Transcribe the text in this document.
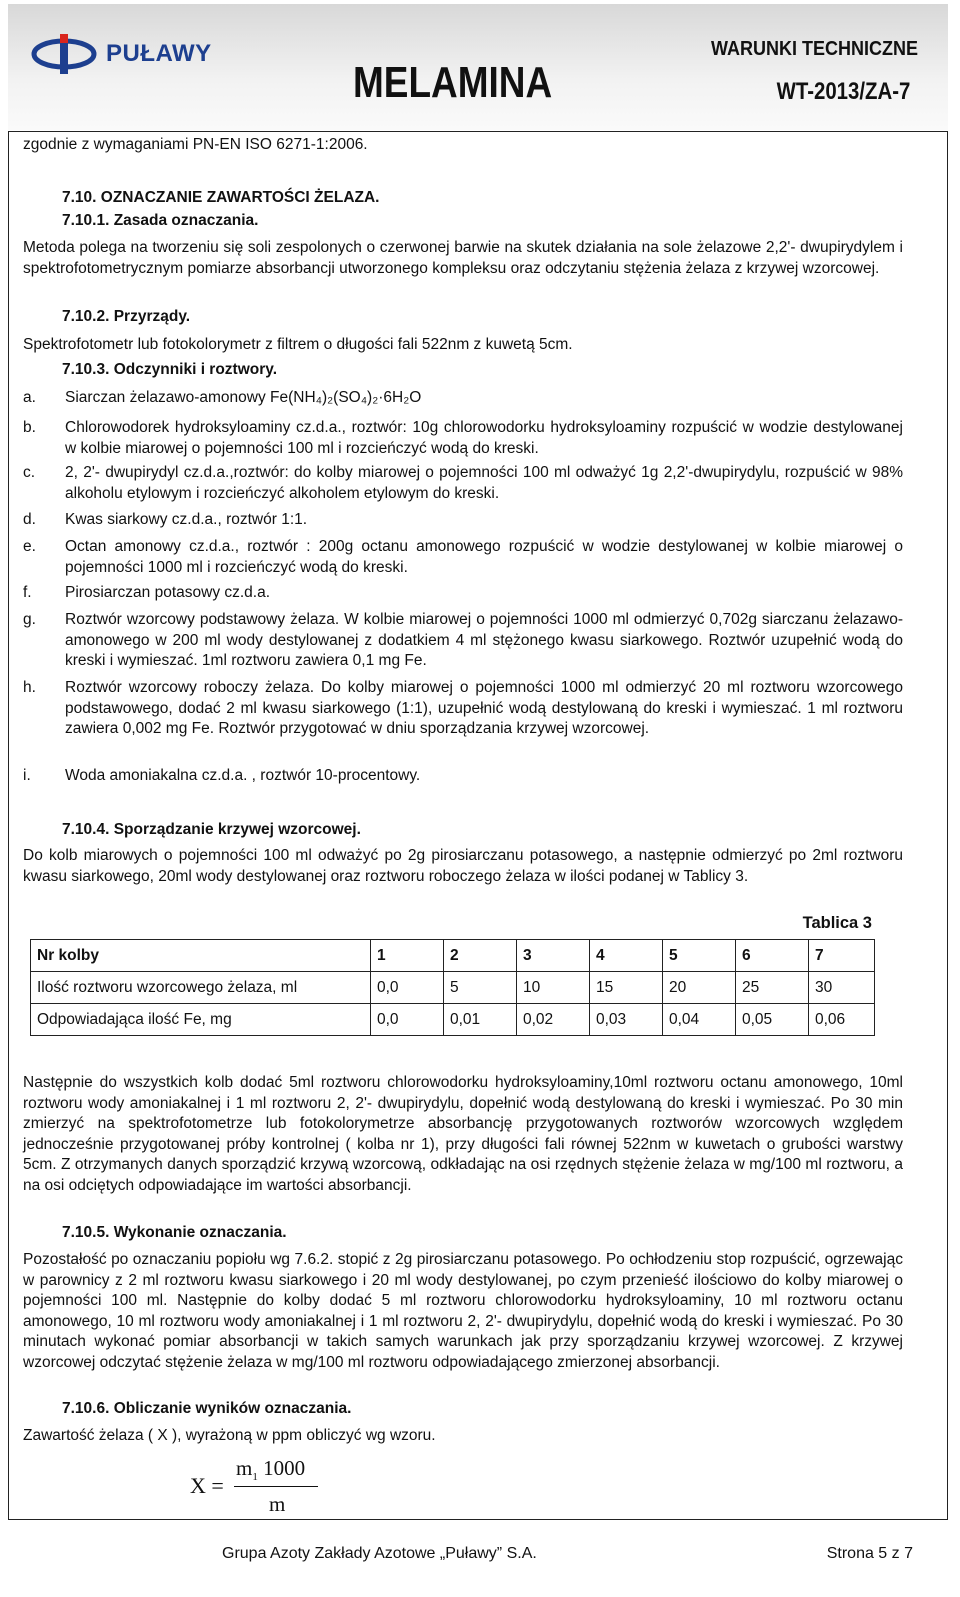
PUŁAWY
MELAMINA
WARUNKI TECHNICZNE
WT-2013/ZA-7
zgodnie z wymaganiami PN-EN ISO 6271-1:2006.
7.10. OZNACZANIE ZAWARTOŚCI ŻELAZA.
7.10.1. Zasada oznaczania.
Metoda polega na tworzeniu się soli zespolonych o czerwonej barwie na skutek działania na sole żelazowe 2,2'- dwupirydylem i spektrofotometrycznym pomiarze absorbancji utworzonego kompleksu oraz odczytaniu stężenia żelaza z krzywej wzorcowej.
7.10.2. Przyrządy.
Spektrofotometr lub fotokolorymetr z filtrem o długości fali 522nm z kuwetą 5cm.
7.10.3. Odczynniki i roztwory.
a. Siarczan żelazawo-amonowy Fe(NH₄)₂(SO₄)₂·6H₂O
b. Chlorowodorek hydroksyloaminy cz.d.a., roztwór: 10g chlorowodorku hydroksyloaminy rozpuścić w wodzie destylowanej w kolbie miarowej o pojemności 100 ml i rozcieńczyć wodą do kreski.
c. 2, 2'- dwupirydyl cz.d.a.,roztwór: do kolby miarowej o pojemności 100 ml odważyć 1g 2,2'-dwupirydylu, rozpuścić w 98% alkoholu etylowym i rozcieńczyć alkoholem etylowym do kreski.
d. Kwas siarkowy cz.d.a., roztwór 1:1.
e. Octan amonowy cz.d.a., roztwór : 200g octanu amonowego rozpuścić w wodzie destylowanej w kolbie miarowej o pojemności 1000 ml i rozcieńczyć wodą do kreski.
f. Pirosiarczan potasowy cz.d.a.
g. Roztwór wzorcowy podstawowy żelaza. W kolbie miarowej o pojemności 1000 ml odmierzyć 0,702g siarczanu żelazawo-amonowego w 200 ml wody destylowanej z dodatkiem 4 ml stężonego kwasu siarkowego. Roztwór uzupełnić wodą do kreski i wymieszać. 1ml roztworu zawiera 0,1 mg Fe.
h. Roztwór wzorcowy roboczy żelaza. Do kolby miarowej o pojemności 1000 ml odmierzyć 20 ml roztworu wzorcowego podstawowego, dodać 2 ml kwasu siarkowego (1:1), uzupełnić wodą destylowaną do kreski i wymieszać. 1 ml roztworu zawiera 0,002 mg Fe. Roztwór przygotować w dniu sporządzania krzywej wzorcowej.
i. Woda amoniakalna cz.d.a. , roztwór 10-procentowy.
7.10.4. Sporządzanie krzywej wzorcowej.
Do kolb miarowych o pojemności 100 ml odważyć po 2g pirosiarczanu potasowego, a następnie odmierzyć po 2ml roztworu kwasu siarkowego, 20ml wody destylowanej oraz roztworu roboczego żelaza w ilości podanej w Tablicy 3.
Tablica 3
Nr kolby	1	2	3	4	5	6	7
Ilość roztworu wzorcowego żelaza, ml	0,0	5	10	15	20	25	30
Odpowiadająca ilość Fe, mg	0,0	0,01	0,02	0,03	0,04	0,05	0,06
Następnie do wszystkich kolb dodać 5ml roztworu chlorowodorku hydroksyloaminy,10ml roztworu octanu amonowego, 10ml roztworu wody amoniakalnej i 1 ml roztworu 2, 2'- dwupirydylu, dopełnić wodą destylowaną do kreski i wymieszać. Po 30 min zmierzyć na spektrofotometrze lub fotokolorymetrze absorbancję przygotowanych roztworów wzorcowych względem jednocześnie przygotowanej próby kontrolnej ( kolba nr 1), przy długości fali równej 522nm w kuwetach o grubości warstwy 5cm. Z otrzymanych danych sporządzić krzywą wzorcową, odkładając na osi rzędnych stężenie żelaza w mg/100 ml roztworu, a na osi odciętych odpowiadające im wartości absorbancji.
7.10.5. Wykonanie oznaczania.
Pozostałość po oznaczaniu popiołu wg 7.6.2. stopić z 2g pirosiarczanu potasowego. Po ochłodzeniu stop rozpuścić, ogrzewając w parownicy z 2 ml roztworu kwasu siarkowego i 20 ml wody destylowanej, po czym przenieść ilościowo do kolby miarowej o pojemności 100 ml. Następnie do kolby dodać 5 ml roztworu chlorowodorku hydroksyloaminy, 10 ml roztworu octanu amonowego, 10 ml roztworu wody amoniakalnej i 1 ml roztworu 2, 2'- dwupirydylu, dopełnić wodą do kreski i wymieszać. Po 30 minutach wykonać pomiar absorbancji w takich samych warunkach jak przy sporządzaniu krzywej wzorcowej. Z krzywej wzorcowej odczytać stężenie żelaza w mg/100 ml roztworu odpowiadającego zmierzonej absorbancji.
7.10.6. Obliczanie wyników oznaczania.
Zawartość żelaza ( X ), wyrażoną w ppm obliczyć wg wzoru.
X =
$m_1$ 1000
m
Grupa Azoty Zakłady Azotowe „Puławy” S.A.	Strona 5 z 7
